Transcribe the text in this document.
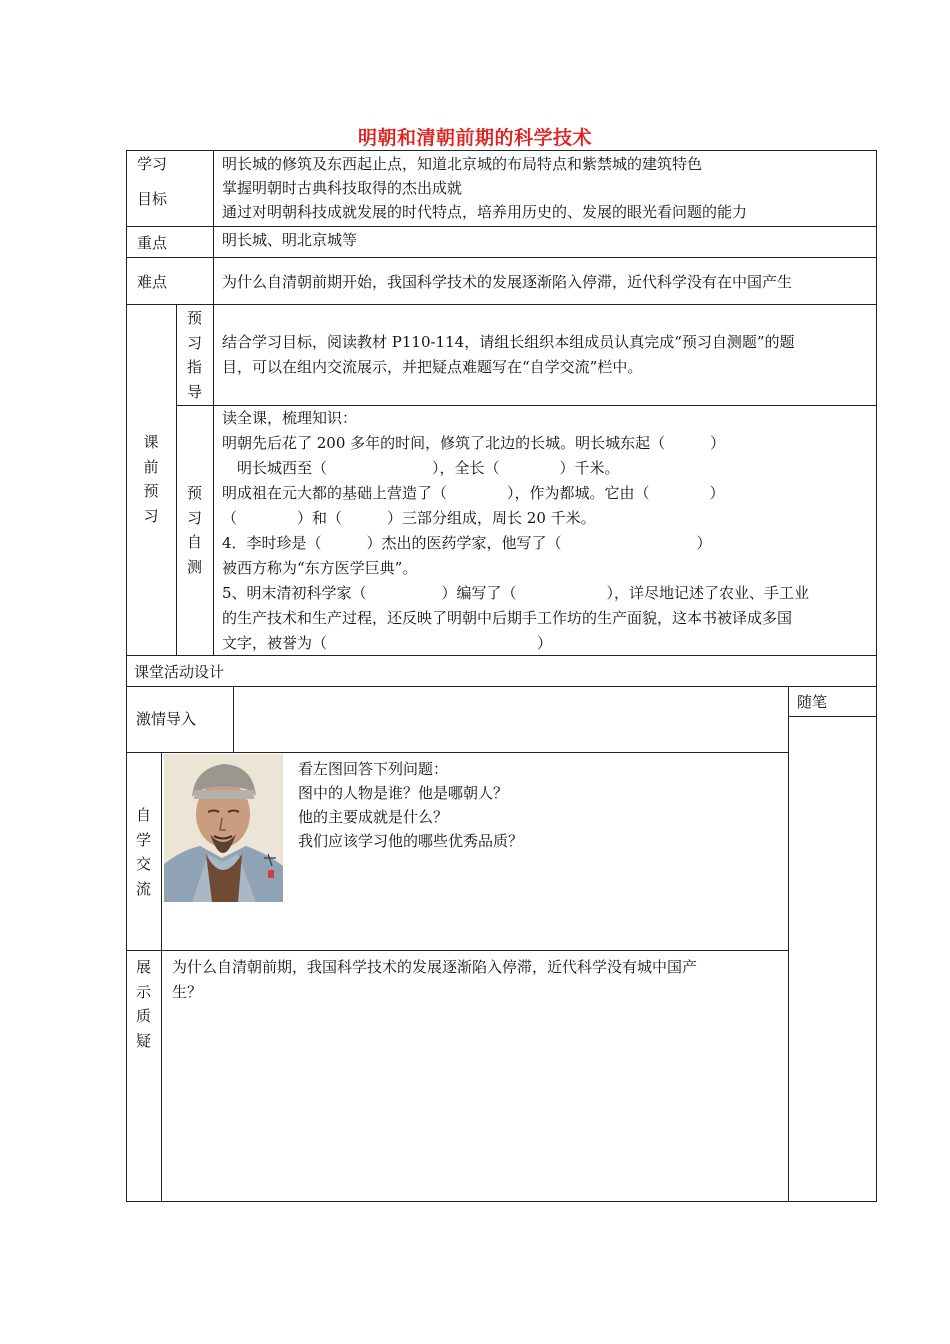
明朝和清朝前期的科学技术
学习
目标
明长城的修筑及东西起止点，知道北京城的布局特点和紫禁城的建筑特色
掌握明朝时古典科技取得的杰出成就
通过对明朝科技成就发展的时代特点，培养用历史的、发展的眼光看问题的能力
重点	明长城、明北京城等
难点	为什么自清朝前期开始，我国科学技术的发展逐渐陷入停滞，近代科学没有在中国产生
课
前
预
习
预
习
指
导
结合学习目标，阅读教材 P110-114，请组长组织本组成员认真完成“预习自测题”的题
目，可以在组内交流展示，并把疑点难题写在“自学交流”栏中。
预
习
自
测
读全课，梳理知识：
明朝先后花了 200 多年的时间，修筑了北边的长城。明长城东起（　　　）
　明长城西至（　　　　　　　），全长（　　　　）千米。
明成祖在元大都的基础上营造了（　　　　），作为都城。它由（　　　　）
（　　　　）和（　　　）三部分组成，周长 20 千米。
4．李时珍是（　　　）杰出的医药学家，他写了（　　　　　　　　　）
被西方称为“东方医学巨典”。
5、明末清初科学家（　　　　　）编写了（　　　　　　），详尽地记述了农业、手工业
的生产技术和生产过程，还反映了明朝中后期手工作坊的生产面貌，这本书被译成多国
文字，被誉为（　　　　　　　　　　　　　　）
课堂活动设计
随笔
激情导入
自
学
交
流
看左图回答下列问题：
图中的人物是谁？他是哪朝人？
他的主要成就是什么？
我们应该学习他的哪些优秀品质？
展
示
质
疑
为什么自清朝前期，我国科学技术的发展逐渐陷入停滞，近代科学没有城中国产
生？
